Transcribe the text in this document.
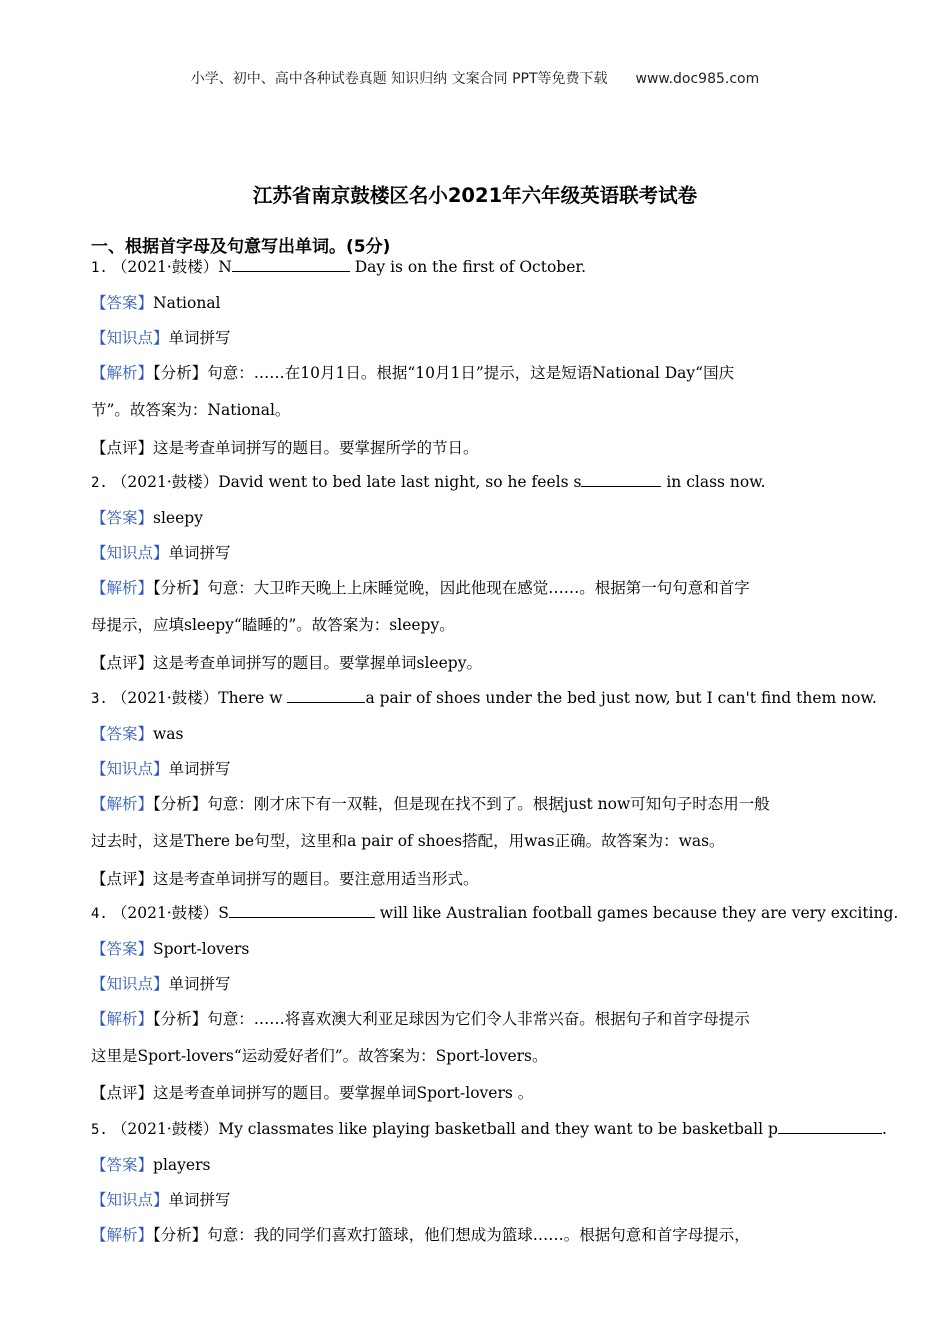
小学、初中、高中各种试卷真题 知识归纳 文案合同 PPT等免费下载 www.doc985.com
江苏省南京鼓楼区名小2021年六年级英语联考试卷
一、根据首字母及句意写出单词。(5分)
1. （2021·鼓楼）N	Day is on the first of October.
【答案】National
【知识点】单词拼写
【解析】【分析】句意：……在10月1日。根据“10月1日”提示，这是短语National Day“国庆
节”。故答案为：National。
【点评】这是考查单词拼写的题目。要掌握所学的节日。
2. （2021·鼓楼）David went to bed late last night, so he feels s	in class now.
【答案】sleepy
【知识点】单词拼写
【解析】【分析】句意：大卫昨天晚上上床睡觉晚，因此他现在感觉……。根据第一句句意和首字
母提示，应填sleepy“瞌睡的”。故答案为：sleepy。
【点评】这是考查单词拼写的题目。要掌握单词sleepy。
3. （2021·鼓楼）There w	a pair of shoes under the bed just now, but I can't find them now.
【答案】was
【知识点】单词拼写
【解析】【分析】句意：刚才床下有一双鞋，但是现在找不到了。根据just now可知句子时态用一般
过去时，这是There be句型，这里和a pair of shoes搭配，用was正确。故答案为：was。
【点评】这是考查单词拼写的题目。要注意用适当形式。
4. （2021·鼓楼）S	will like Australian football games because they are very exciting.
【答案】Sport-lovers
【知识点】单词拼写
【解析】【分析】句意：……将喜欢澳大利亚足球因为它们令人非常兴奋。根据句子和首字母提示
这里是Sport-lovers“运动爱好者们”。故答案为：Sport-lovers。
【点评】这是考查单词拼写的题目。要掌握单词Sport-lovers 。
5. （2021·鼓楼）My classmates like playing basketball and they want to be basketball p	.
【答案】players
【知识点】单词拼写
【解析】【分析】句意：我的同学们喜欢打篮球，他们想成为篮球……。根据句意和首字母提示，
